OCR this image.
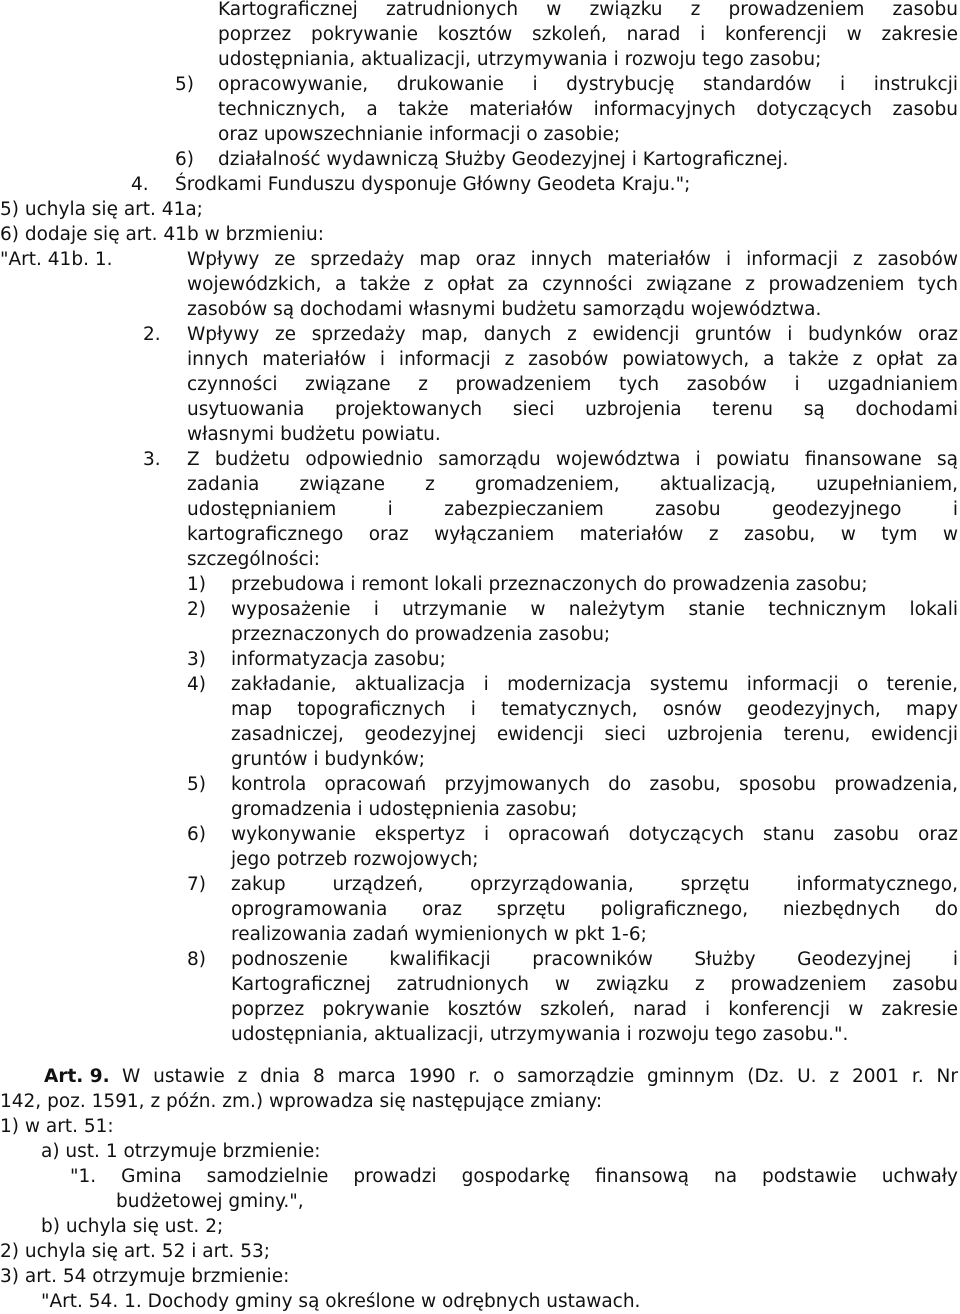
Kartograficznej zatrudnionych w związku z prowadzeniem zasobu
poprzez pokrywanie kosztów szkoleń, narad i konferencji w zakresie
udostępniania, aktualizacji, utrzymywania i rozwoju tego zasobu;
5) opracowywanie, drukowanie i dystrybucję standardów i instrukcji
technicznych, a także materiałów informacyjnych dotyczących zasobu
oraz upowszechnianie informacji o zasobie;
6) działalność wydawniczą Służby Geodezyjnej i Kartograficznej.
4. Środkami Funduszu dysponuje Główny Geodeta Kraju.";
5) uchyla się art. 41a;
6) dodaje się art. 41b w brzmieniu:
"Art. 41b. 1.	Wpływy ze sprzedaży map oraz innych materiałów i informacji z zasobów
wojewódzkich, a także z opłat za czynności związane z prowadzeniem tych
zasobów są dochodami własnymi budżetu samorządu województwa.
2. Wpływy ze sprzedaży map, danych z ewidencji gruntów i budynków oraz
innych materiałów i informacji z zasobów powiatowych, a także z opłat za
czynności związane z prowadzeniem tych zasobów i uzgadnianiem
usytuowania projektowanych sieci uzbrojenia terenu są dochodami
własnymi budżetu powiatu.
3. Z budżetu odpowiednio samorządu województwa i powiatu finansowane są
zadania związane z gromadzeniem, aktualizacją, uzupełnianiem,
udostępnianiem i zabezpieczaniem zasobu geodezyjnego i
kartograficznego oraz wyłączaniem materiałów z zasobu, w tym w
szczególności:
1) przebudowa i remont lokali przeznaczonych do prowadzenia zasobu;
2) wyposażenie i utrzymanie w należytym stanie technicznym lokali
przeznaczonych do prowadzenia zasobu;
3) informatyzacja zasobu;
4) zakładanie, aktualizacja i modernizacja systemu informacji o terenie,
map topograficznych i tematycznych, osnów geodezyjnych, mapy
zasadniczej, geodezyjnej ewidencji sieci uzbrojenia terenu, ewidencji
gruntów i budynków;
5) kontrola opracowań przyjmowanych do zasobu, sposobu prowadzenia,
gromadzenia i udostępnienia zasobu;
6) wykonywanie ekspertyz i opracowań dotyczących stanu zasobu oraz
jego potrzeb rozwojowych;
7) zakup urządzeń, oprzyrządowania, sprzętu informatycznego,
oprogramowania oraz sprzętu poligraficznego, niezbędnych do
realizowania zadań wymienionych w pkt 1-6;
8) podnoszenie kwalifikacji pracowników Służby Geodezyjnej i
Kartograficznej zatrudnionych w związku z prowadzeniem zasobu
poprzez pokrywanie kosztów szkoleń, narad i konferencji w zakresie
udostępniania, aktualizacji, utrzymywania i rozwoju tego zasobu.".
Art. 9. W ustawie z dnia 8 marca 1990 r. o samorządzie gminnym (Dz. U. z 2001 r. Nr
142, poz. 1591, z późn. zm.) wprowadza się następujące zmiany:
1) w art. 51:
a) ust. 1 otrzymuje brzmienie:
"1. Gmina samodzielnie prowadzi gospodarkę finansową na podstawie uchwały
budżetowej gminy.",
b) uchyla się ust. 2;
2) uchyla się art. 52 i art. 53;
3) art. 54 otrzymuje brzmienie:
"Art. 54. 1. Dochody gminy są określone w odrębnych ustawach.
